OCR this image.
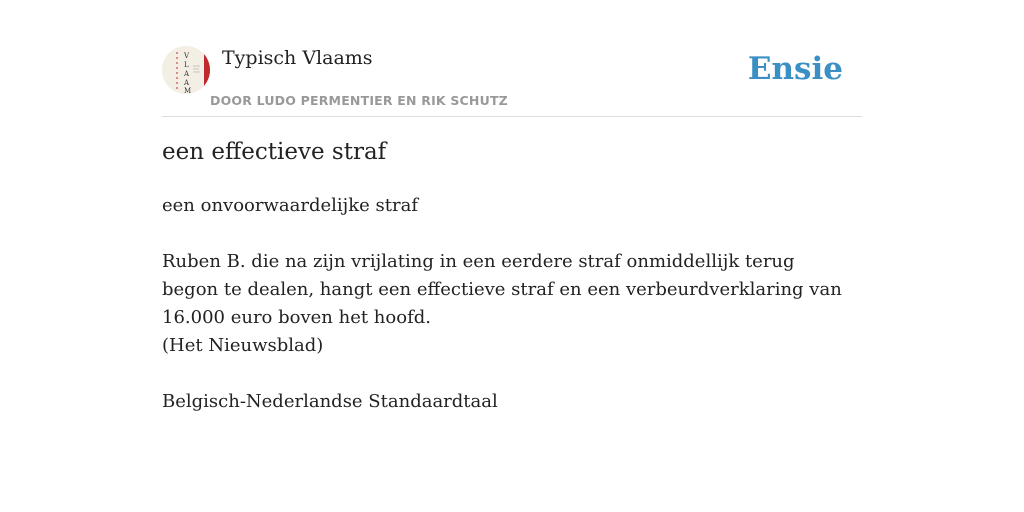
V
L
A
A
M
Typisch Vlaams
DOOR LUDO PERMENTIER EN RIK SCHUTZ
Ensie
een effectieve straf

een onvoorwaardelijke straf

Ruben B. die na zijn vrijlating in een eerdere straf onmiddellijk terug begon te dealen, hangt een effectieve straf en een verbeurdverklaring van 16.000 euro boven het hoofd.

(Het Nieuwsblad)

Belgisch-Nederlandse Standaardtaal
